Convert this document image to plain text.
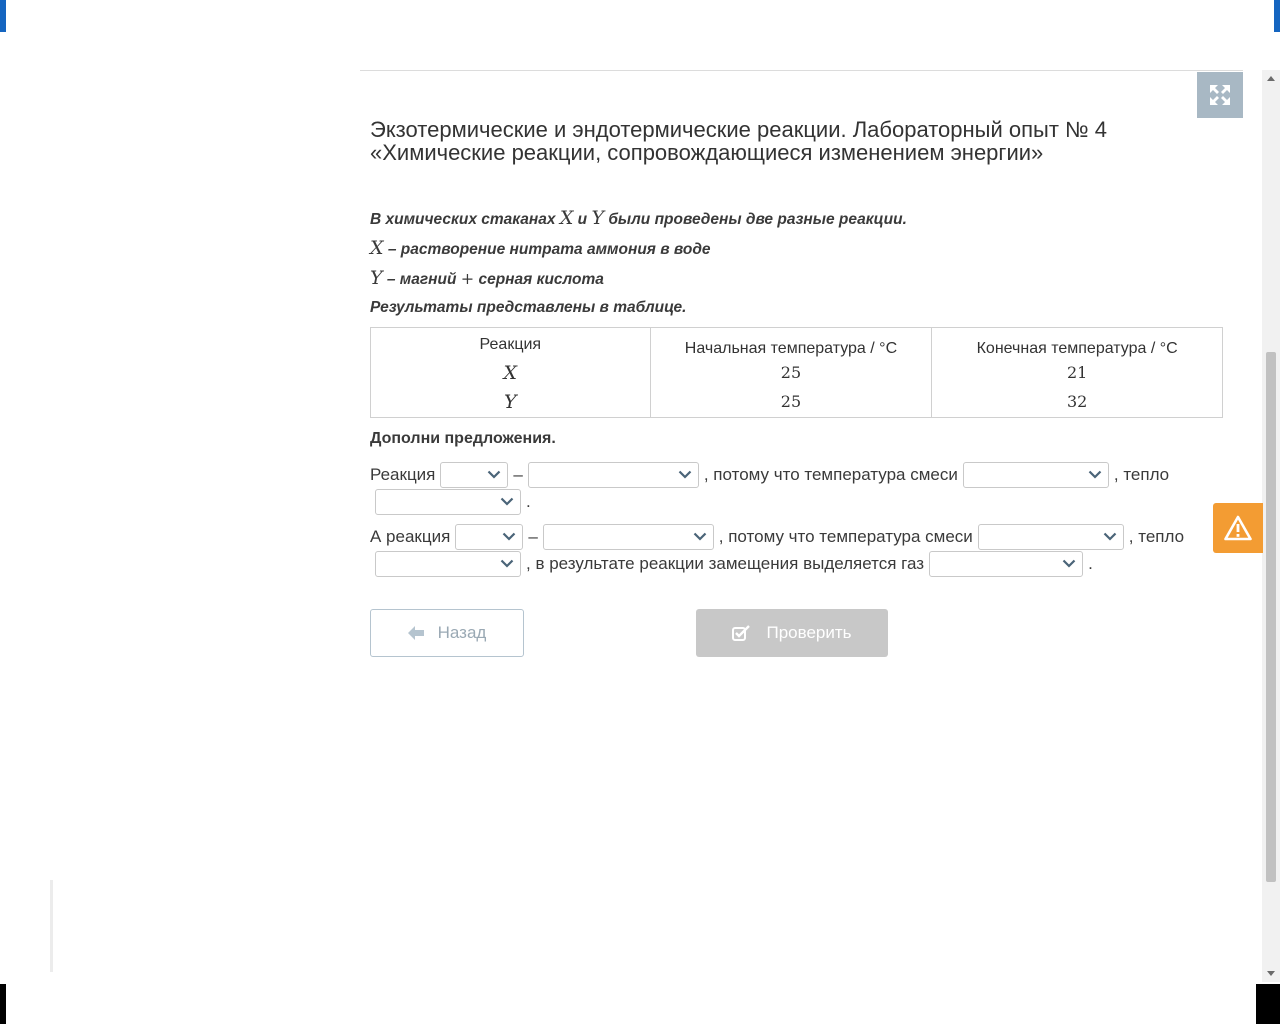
Экзотермические и эндотермические реакции. Лабораторный опыт № 4
«Химические реакции, сопровождающиеся изменением энергии»
В химических стаканах X и Y были проведены две разные реакции.
X – растворение нитрата аммония в воде
Y – магний + серная кислота
Результаты представлены в таблице.
Реакция	Начальная температура / °C	Конечная температура / °C
X	25	21
Y	25	32
Дополни предложения.
Реакция	–	, потому что температура смеси	, тепло
.
А реакция	–	, потому что температура смеси	, тепло
, в результате реакции замещения выделяется газ	.
Назад	Проверить
